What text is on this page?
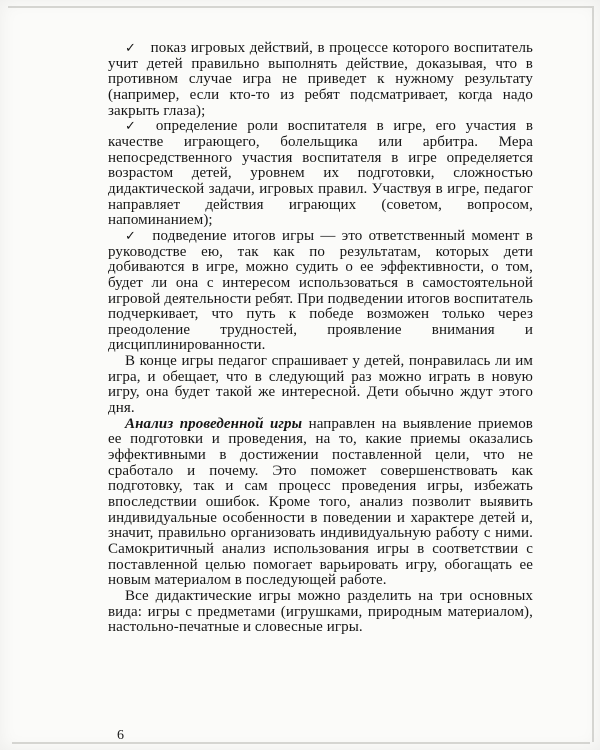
✓ показ игровых действий, в процессе которого воспитатель учит детей правильно выполнять действие, доказывая, что в противном случае игра не приведет к нужному результату (например, если кто-то из ребят подсматривает, когда надо закрыть глаза);

✓ определение роли воспитателя в игре, его участия в качестве играющего, болельщика или арбитра. Мера непосредственного участия воспитателя в игре определяется возрастом детей, уровнем их подготовки, сложностью дидактической задачи, игровых правил. Участвуя в игре, педагог направляет действия играющих (советом, вопросом, напоминанием);

✓ подведение итогов игры — это ответственный момент в руководстве ею, так как по результатам, которых дети добиваются в игре, можно судить о ее эффективности, о том, будет ли она с интересом использоваться в самостоятельной игровой деятельности ребят. При подведении итогов воспитатель подчеркивает, что путь к победе возможен только через преодоление трудностей, проявление внимания и дисциплинированности.

В конце игры педагог спрашивает у детей, понравилась ли им игра, и обещает, что в следующий раз можно играть в новую игру, она будет такой же интересной. Дети обычно ждут этого дня.

Анализ проведенной игры направлен на выявление приемов ее подготовки и проведения, на то, какие приемы оказались эффективными в достижении поставленной цели, что не сработало и почему. Это поможет совершенствовать как подготовку, так и сам процесс проведения игры, избежать впоследствии ошибок. Кроме того, анализ позволит выявить индивидуальные особенности в поведении и характере детей и, значит, правильно организовать индивидуальную работу с ними. Самокритичный анализ использования игры в соответствии с поставленной целью помогает варьировать игру, обогащать ее новым материалом в последующей работе.

Все дидактические игры можно разделить на три основных вида: игры с предметами (игрушками, природным материалом), настольно-печатные и словесные игры.

6
